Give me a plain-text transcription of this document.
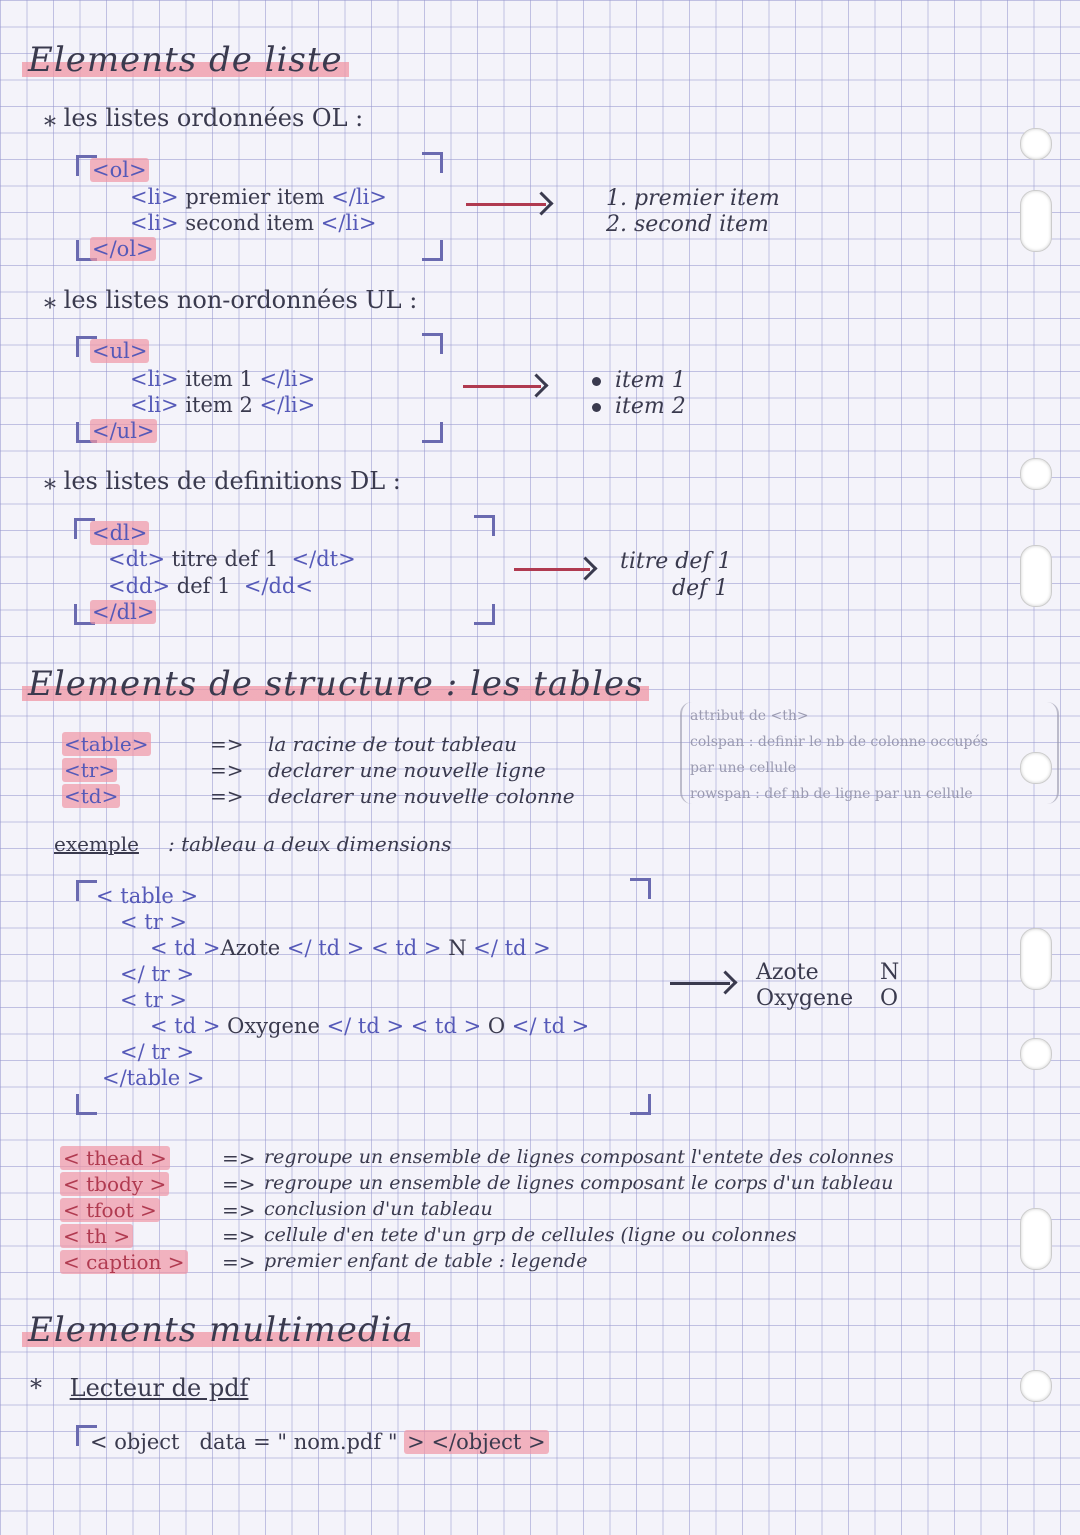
Elements de liste
⁎ les listes ordonnées OL :
<ol>
<li> premier item </li>
<li> second item </li>
</ol>
1. premier item
2. second item
⁎ les listes non-ordonnées UL :
<ul>
<li> item 1 </li>
<li> item 2 </li>
</ul>
item 1
item 2
⁎ les listes de definitions DL :
<dl>
<dt> titre def 1 </dt>
<dd> def 1 </dd<
</dl>
titre def 1
def 1
Elements de structure : les tables
<table>	=> la racine de tout tableau
<tr>	=> declarer une nouvelle ligne
<td>	=> declarer une nouvelle colonne
attribut de <th>
colspan : definir le nb de colonne occupés
par une cellule
rowspan : def nb de ligne par un cellule
exemple : tableau a deux dimensions
< table >
< tr >
< td >Azote </ td > < td > N </ td >
</ tr >
< tr >
< td > Oxygene </ td > < td > O </ td >
</ tr >
</table >
Azote	N
Oxygene O
< thead >	=> regroupe un ensemble de lignes composant l'entete des colonnes
< tbody >	=> regroupe un ensemble de lignes composant le corps d'un tableau
< tfoot >	=> conclusion d'un tableau
< th >	=> cellule d'en tete d'un grp de cellules (ligne ou colonnes
< caption > => premier enfant de table : legende
Elements multimedia
* Lecteur de pdf
< object data = " nom.pdf " > </object >
